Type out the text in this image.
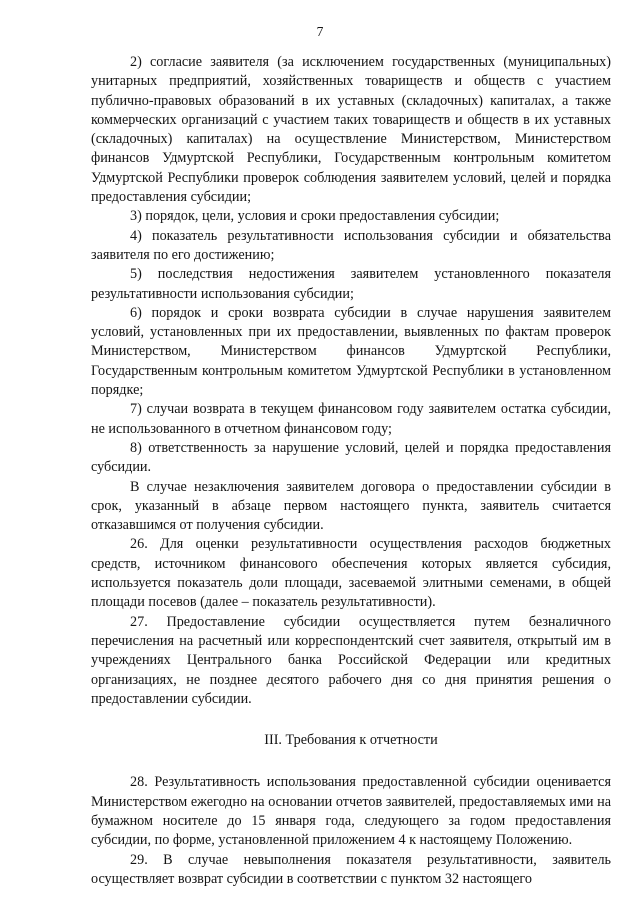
7

2) согласие заявителя (за исключением государственных (муниципальных) унитарных предприятий, хозяйственных товариществ и обществ с участием публично-правовых образований в их уставных (складочных) капиталах, а также коммерческих организаций с участием таких товариществ и обществ в их уставных (складочных) капиталах) на осуществление Министерством, Министерством финансов Удмуртской Республики, Государственным контрольным комитетом Удмуртской Республики проверок соблюдения заявителем условий, целей и порядка предоставления субсидии;

3) порядок, цели, условия и сроки предоставления субсидии;

4) показатель результативности использования субсидии и обязательства заявителя по его достижению;

5) последствия недостижения заявителем установленного показателя результативности использования субсидии;

6) порядок и сроки возврата субсидии в случае нарушения заявителем условий, установленных при их предоставлении, выявленных по фактам проверок Министерством, Министерством финансов Удмуртской Республики, Государственным контрольным комитетом Удмуртской Республики в установленном порядке;

7) случаи возврата в текущем финансовом году заявителем остатка субсидии, не использованного в отчетном финансовом году;

8) ответственность за нарушение условий, целей и порядка предоставления субсидии.

В случае незаключения заявителем договора о предоставлении субсидии в срок, указанный в абзаце первом настоящего пункта, заявитель считается отказавшимся от получения субсидии.

26. Для оценки результативности осуществления расходов бюджетных средств, источником финансового обеспечения которых является субсидия, используется показатель доли площади, засеваемой элитными семенами, в общей площади посевов (далее – показатель результативности).

27. Предоставление субсидии осуществляется путем безналичного перечисления на расчетный или корреспондентский счет заявителя, открытый им в учреждениях Центрального банка Российской Федерации или кредитных организациях, не позднее десятого рабочего дня со дня принятия решения о предоставлении субсидии.

III. Требования к отчетности

28. Результативность использования предоставленной субсидии оценивается Министерством ежегодно на основании отчетов заявителей, предоставляемых ими на бумажном носителе до 15 января года, следующего за годом предоставления субсидии, по форме, установленной приложением 4 к настоящему Положению.

29. В случае невыполнения показателя результативности, заявитель осуществляет возврат субсидии в соответствии с пунктом 32 настоящего
